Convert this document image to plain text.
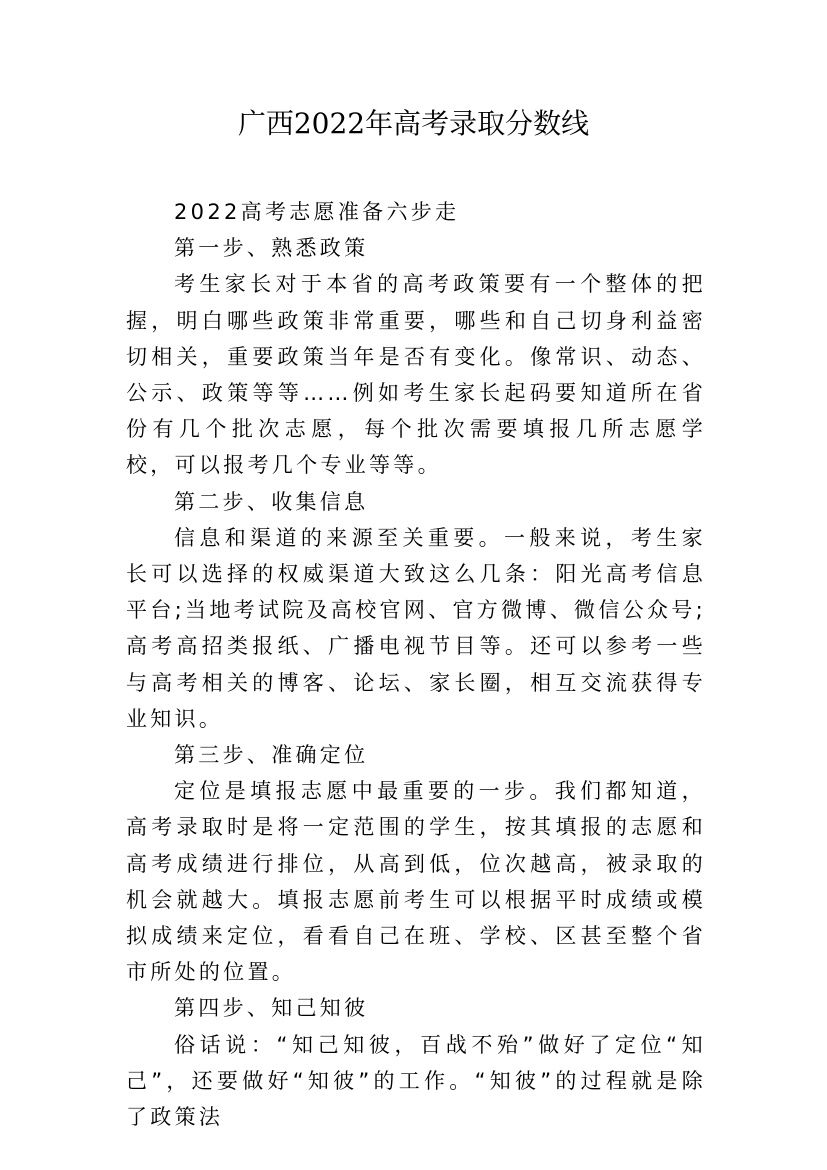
广西2022年高考录取分数线

2022高考志愿准备六步走

第一步、熟悉政策

考生家长对于本省的高考政策要有一个整体的把握，明白哪些政策非常重要，哪些和自己切身利益密切相关，重要政策当年是否有变化。像常识、动态、公示、政策等等……例如考生家长起码要知道所在省份有几个批次志愿，每个批次需要填报几所志愿学校，可以报考几个专业等等。

第二步、收集信息

信息和渠道的来源至关重要。一般来说，考生家长可以选择的权威渠道大致这么几条：阳光高考信息平台;当地考试院及高校官网、官方微博、微信公众号;高考高招类报纸、广播电视节目等。还可以参考一些与高考相关的博客、论坛、家长圈，相互交流获得专业知识。

第三步、准确定位

定位是填报志愿中最重要的一步。我们都知道，高考录取时是将一定范围的学生，按其填报的志愿和高考成绩进行排位，从高到低，位次越高，被录取的机会就越大。填报志愿前考生可以根据平时成绩或模拟成绩来定位，看看自己在班、学校、区甚至整个省市所处的位置。

第四步、知己知彼

俗话说：“知己知彼，百战不殆”做好了定位“知己”，还要做好“知彼”的工作。“知彼”的过程就是除了政策法
